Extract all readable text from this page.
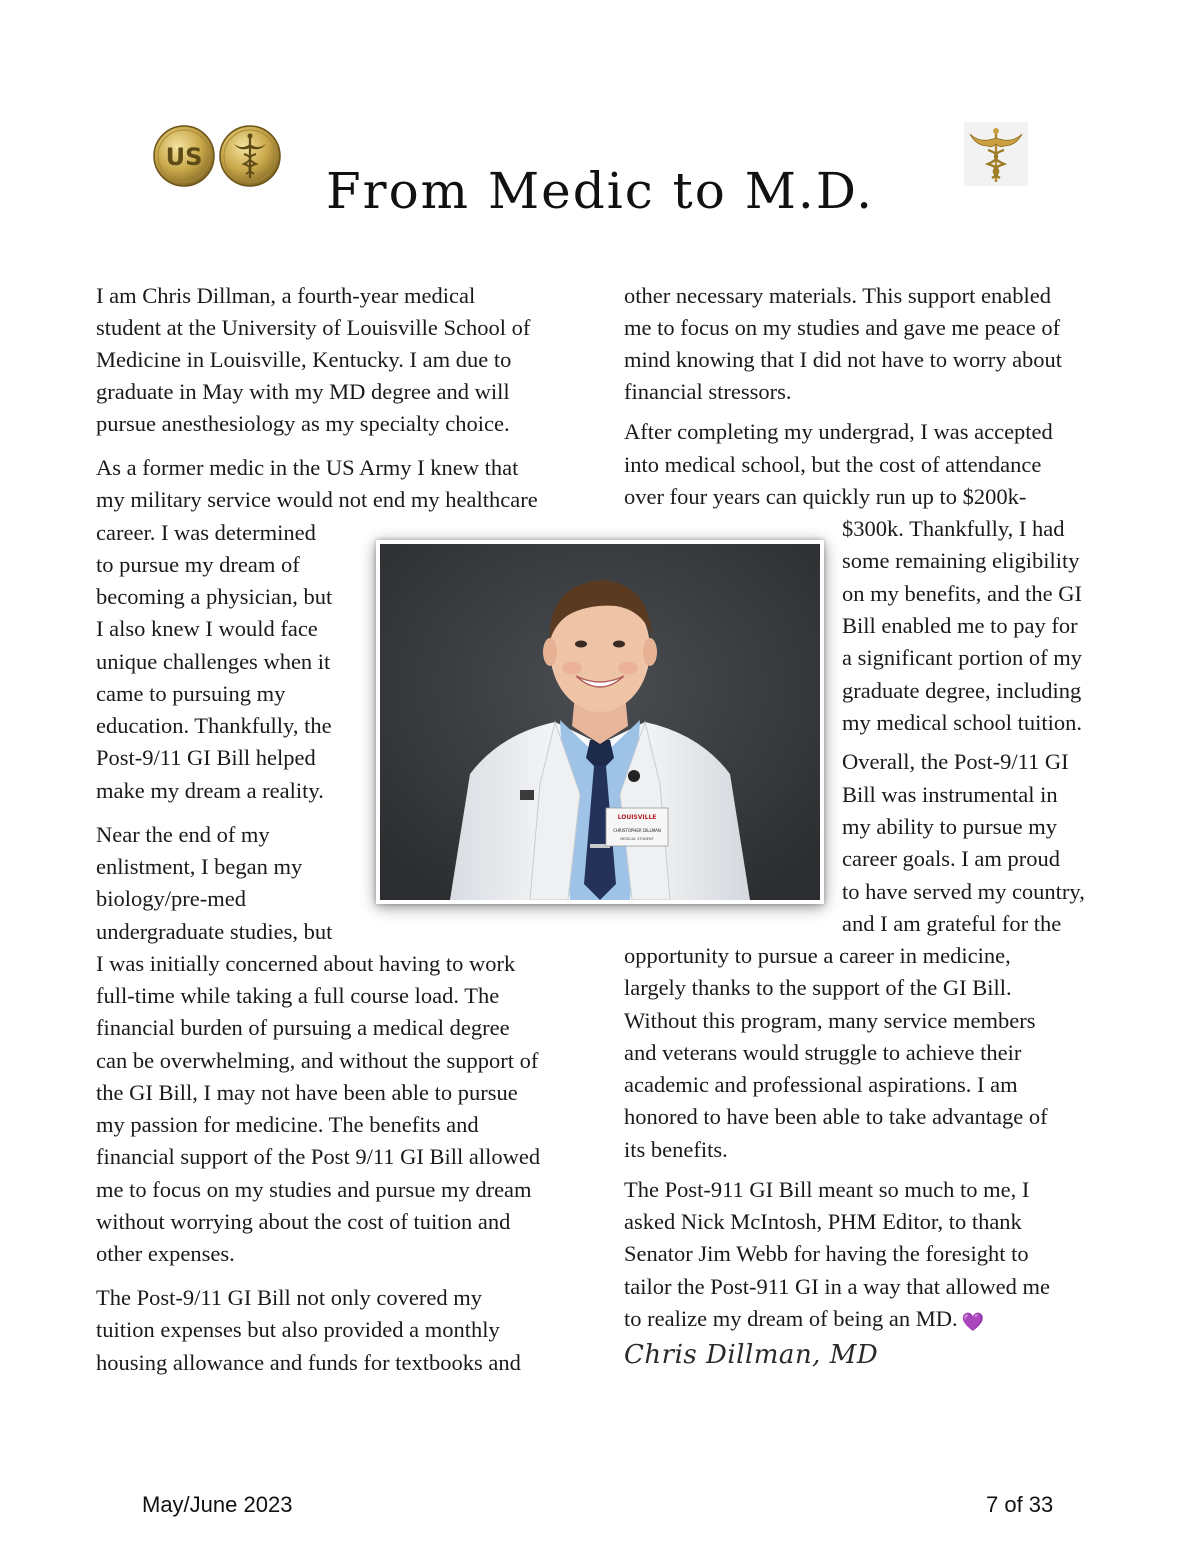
US
From Medic to M.D.

I am Chris Dillman, a fourth-year medical

student at the University of Louisville School of

Medicine in Louisville, Kentucky. I am due to

graduate in May with my MD degree and will

pursue anesthesiology as my specialty choice.

As a former medic in the US Army I knew that

my military service would not end my healthcare

career. I was determined

to pursue my dream of

becoming a physician, but

I also knew I would face

unique challenges when it

came to pursuing my

education. Thankfully, the

Post-9/11 GI Bill helped

make my dream a reality.

Near the end of my

enlistment, I began my

biology/pre-med

undergraduate studies, but

I was initially concerned about having to work

full-time while taking a full course load. The

financial burden of pursuing a medical degree

can be overwhelming, and without the support of

the GI Bill, I may not have been able to pursue

my passion for medicine. The benefits and

financial support of the Post 9/11 GI Bill allowed

me to focus on my studies and pursue my dream

without worrying about the cost of tuition and

other expenses.

The Post-9/11 GI Bill not only covered my

tuition expenses but also provided a monthly

housing allowance and funds for textbooks and

other necessary materials. This support enabled

me to focus on my studies and gave me peace of

mind knowing that I did not have to worry about

financial stressors.

After completing my undergrad, I was accepted

into medical school, but the cost of attendance

over four years can quickly run up to $200k-

$300k. Thankfully, I had

some remaining eligibility

on my benefits, and the GI

Bill enabled me to pay for

a significant portion of my

graduate degree, including

my medical school tuition.

Overall, the Post-9/11 GI

Bill was instrumental in

my ability to pursue my

career goals. I am proud

to have served my country,

and I am grateful for the

opportunity to pursue a career in medicine,

largely thanks to the support of the GI Bill.

Without this program, many service members

and veterans would struggle to achieve their

academic and professional aspirations. I am

honored to have been able to take advantage of

its benefits.

The Post-911 GI Bill meant so much to me, I

asked Nick McIntosh, PHM Editor, to thank

Senator Jim Webb for having the foresight to

tailor the Post-911 GI in a way that allowed me

to realize my dream of being an MD. 💜

LOUISVILLE
CHRISTOPHER DILLMAN
MEDICAL STUDENT

Chris Dillman, MD

May/June 2023	7 of 33
